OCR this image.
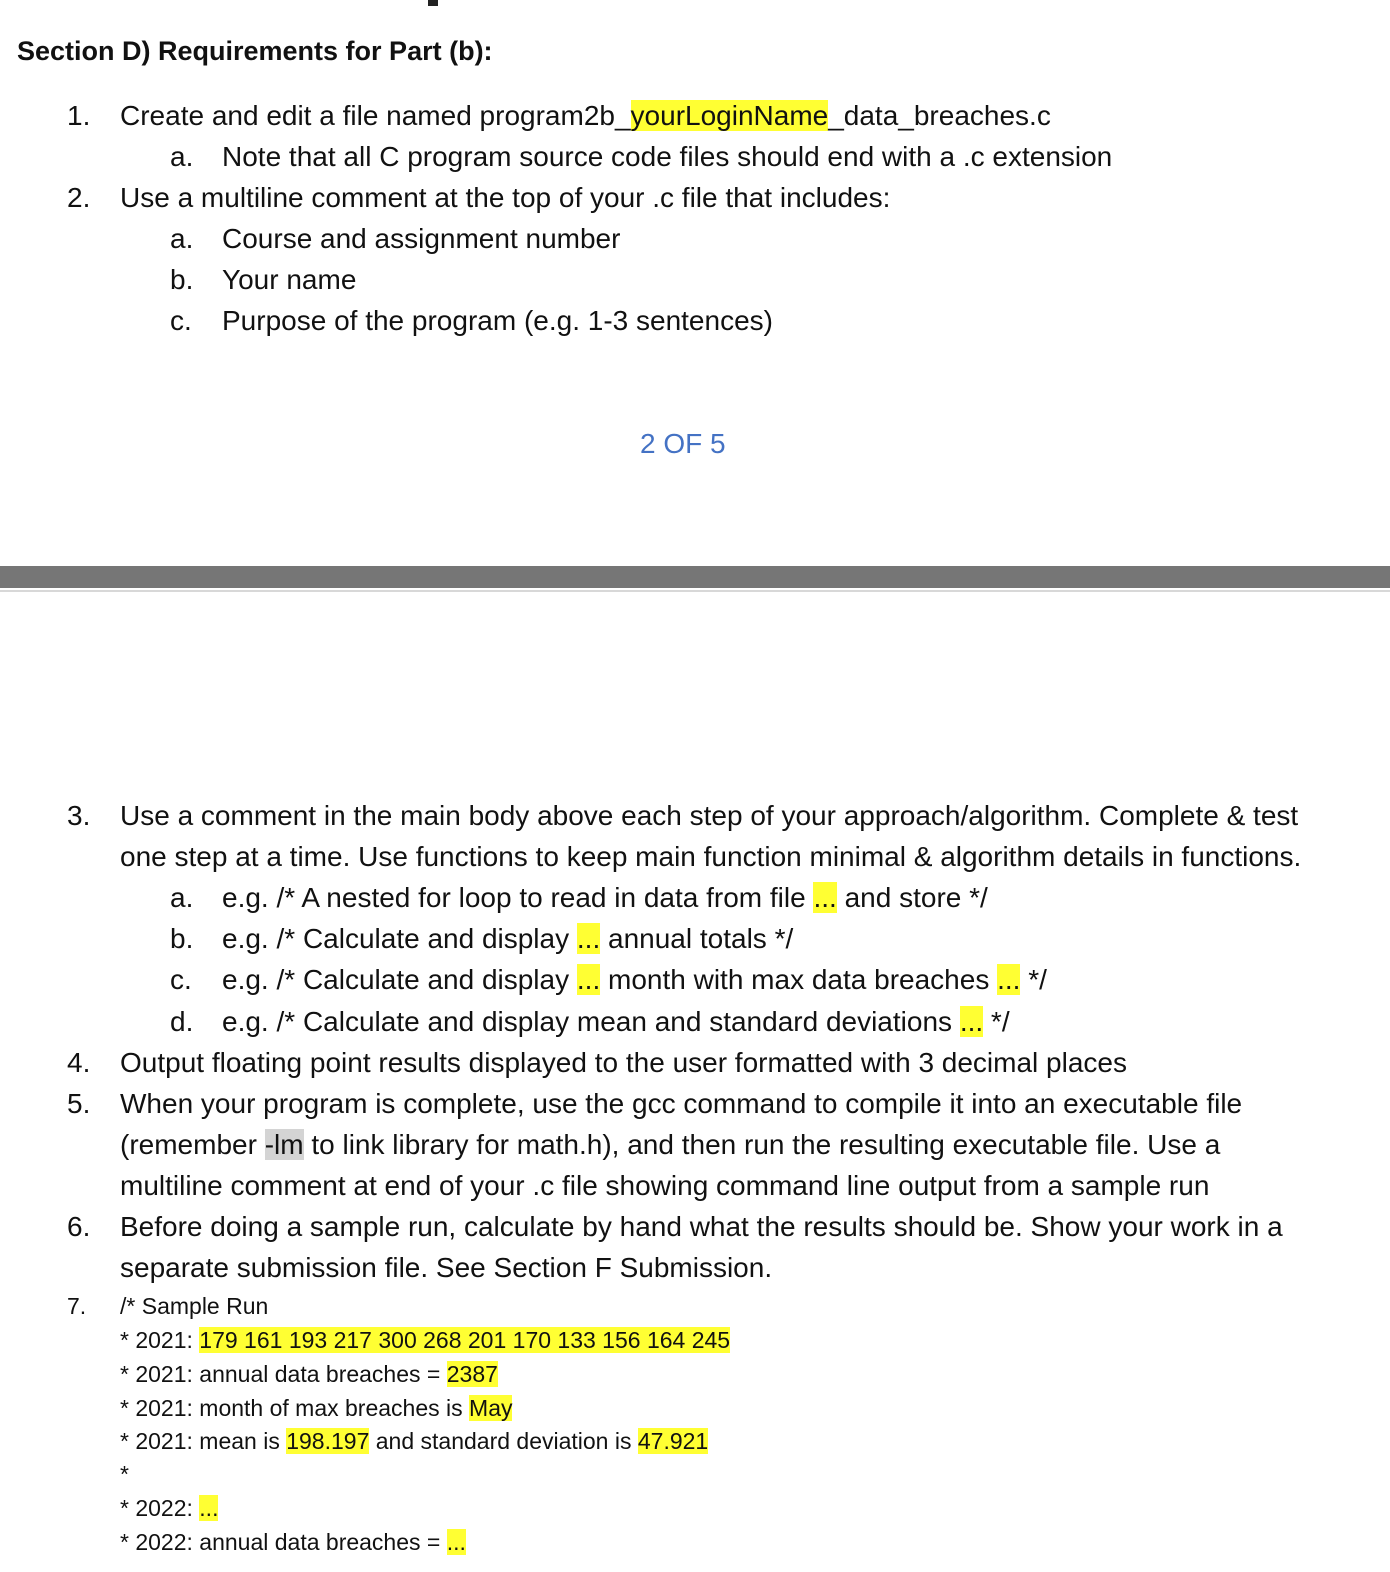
Section D) Requirements for Part (b):
1. Create and edit a file named program2b_yourLoginName_data_breaches.c
a. Note that all C program source code files should end with a .c extension
2. Use a multiline comment at the top of your .c file that includes:
a. Course and assignment number
b. Your name
c. Purpose of the program (e.g. 1-3 sentences)
2 OF 5
3. Use a comment in the main body above each step of your approach/algorithm. Complete & test
one step at a time. Use functions to keep main function minimal & algorithm details in functions.
a. e.g. /* A nested for loop to read in data from file ... and store */
b. e.g. /* Calculate and display ... annual totals */
c. e.g. /* Calculate and display ... month with max data breaches ... */
d. e.g. /* Calculate and display mean and standard deviations ... */
4. Output floating point results displayed to the user formatted with 3 decimal places
5. When your program is complete, use the gcc command to compile it into an executable file
(remember -lm to link library for math.h), and then run the resulting executable file. Use a
multiline comment at end of your .c file showing command line output from a sample run
6. Before doing a sample run, calculate by hand what the results should be. Show your work in a
separate submission file. See Section F Submission.
7. /* Sample Run
* 2021: 179 161 193 217 300 268 201 170 133 156 164 245
* 2021: annual data breaches = 2387
* 2021: month of max breaches is May
* 2021: mean is 198.197 and standard deviation is 47.921
*
* 2022: ...
* 2022: annual data breaches = ...
